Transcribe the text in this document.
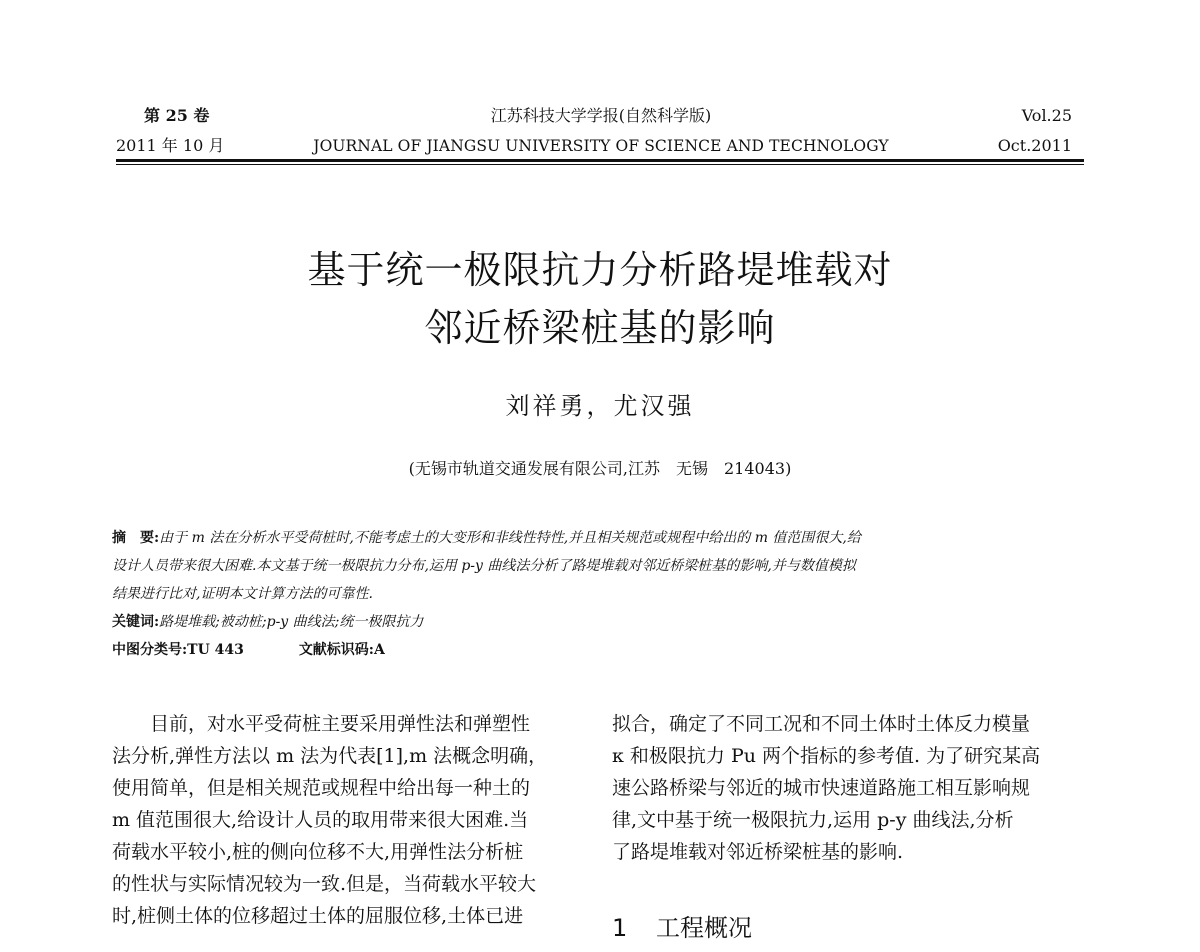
第 25 卷	江苏科技大学学报(自然科学版)	Vol.25
2011 年 10 月	JOURNAL OF JIANGSU UNIVERSITY OF SCIENCE AND TECHNOLOGY	Oct.2011
基于统一极限抗力分析路堤堆载对
邻近桥梁桩基的影响
刘祥勇，尤汉强
(无锡市轨道交通发展有限公司,江苏　无锡　214043)
摘　要:由于 m 法在分析水平受荷桩时,不能考虑土的大变形和非线性特性,并且相关规范或规程中给出的 m 值范围很大,给
设计人员带来很大困难.本文基于统一极限抗力分布,运用 p-y 曲线法分析了路堤堆载对邻近桥梁桩基的影响,并与数值模拟
结果进行比对,证明本文计算方法的可靠性.
关键词:路堤堆载;被动桩;p-y 曲线法;统一极限抗力
中图分类号:TU 443	文献标识码:A
　　目前，对水平受荷桩主要采用弹性法和弹塑性
法分析,弹性方法以 m 法为代表[1],m 法概念明确，
使用简单，但是相关规范或规程中给出每一种土的
m 值范围很大,给设计人员的取用带来很大困难.当
荷载水平较小,桩的侧向位移不大,用弹性法分析桩
的性状与实际情况较为一致.但是，当荷载水平较大
时,桩侧土体的位移超过土体的屈服位移,土体已进
拟合，确定了不同工况和不同土体时土体反力模量
κ 和极限抗力 Pu 两个指标的参考值. 为了研究某高
速公路桥梁与邻近的城市快速道路施工相互影响规
律,文中基于统一极限抗力,运用 p-y 曲线法,分析
了路堤堆载对邻近桥梁桩基的影响.
1 工程概况
